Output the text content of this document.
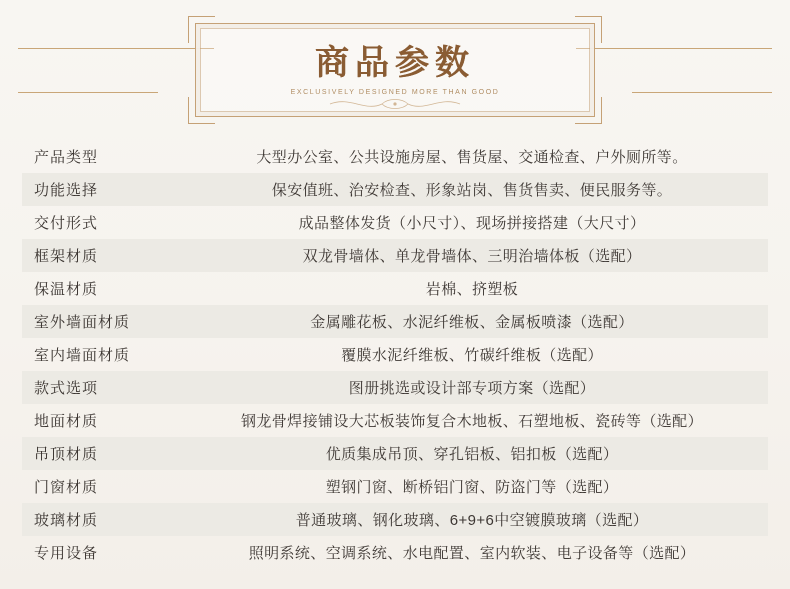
商品参数
EXCLUSIVELY DESIGNED MORE THAN GOOD
产品类型	大型办公室、公共设施房屋、售货屋、交通检查、户外厕所等。
功能选择	保安值班、治安检查、形象站岗、售货售卖、便民服务等。
交付形式	成品整体发货（小尺寸）、现场拼接搭建（大尺寸）
框架材质	双龙骨墙体、单龙骨墙体、三明治墙体板（选配）
保温材质	岩棉、挤塑板
室外墙面材质	金属雕花板、水泥纤维板、金属板喷漆（选配）
室内墙面材质	覆膜水泥纤维板、竹碳纤维板（选配）
款式选项	图册挑选或设计部专项方案（选配）
地面材质	钢龙骨焊接铺设大芯板装饰复合木地板、石塑地板、瓷砖等（选配）
吊顶材质	优质集成吊顶、穿孔铝板、铝扣板（选配）
门窗材质	塑钢门窗、断桥铝门窗、防盗门等（选配）
玻璃材质	普通玻璃、钢化玻璃、6+9+6中空镀膜玻璃（选配）
专用设备	照明系统、空调系统、水电配置、室内软装、电子设备等（选配）
